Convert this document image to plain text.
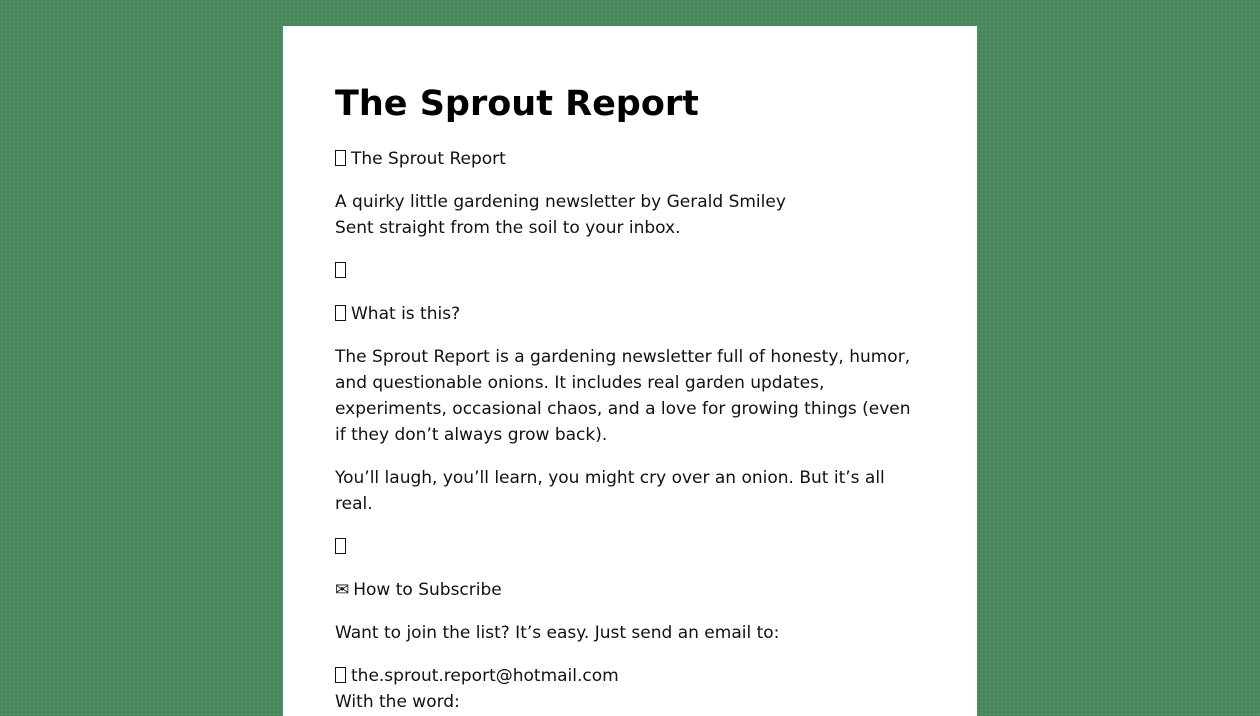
The Sprout Report

The Sprout Report

A quirky little gardening newsletter by Gerald Smiley
Sent straight from the soil to your inbox.

What is this?

The Sprout Report is a gardening newsletter full of honesty, humor, and questionable onions. It includes real garden updates, experiments, occasional chaos, and a love for growing things (even if they don’t always grow back).

You’ll laugh, you’ll learn, you might cry over an onion. But it’s all real.

✉ How to Subscribe

Want to join the list? It’s easy. Just send an email to:

the.sprout.report@hotmail.com
With the word:
